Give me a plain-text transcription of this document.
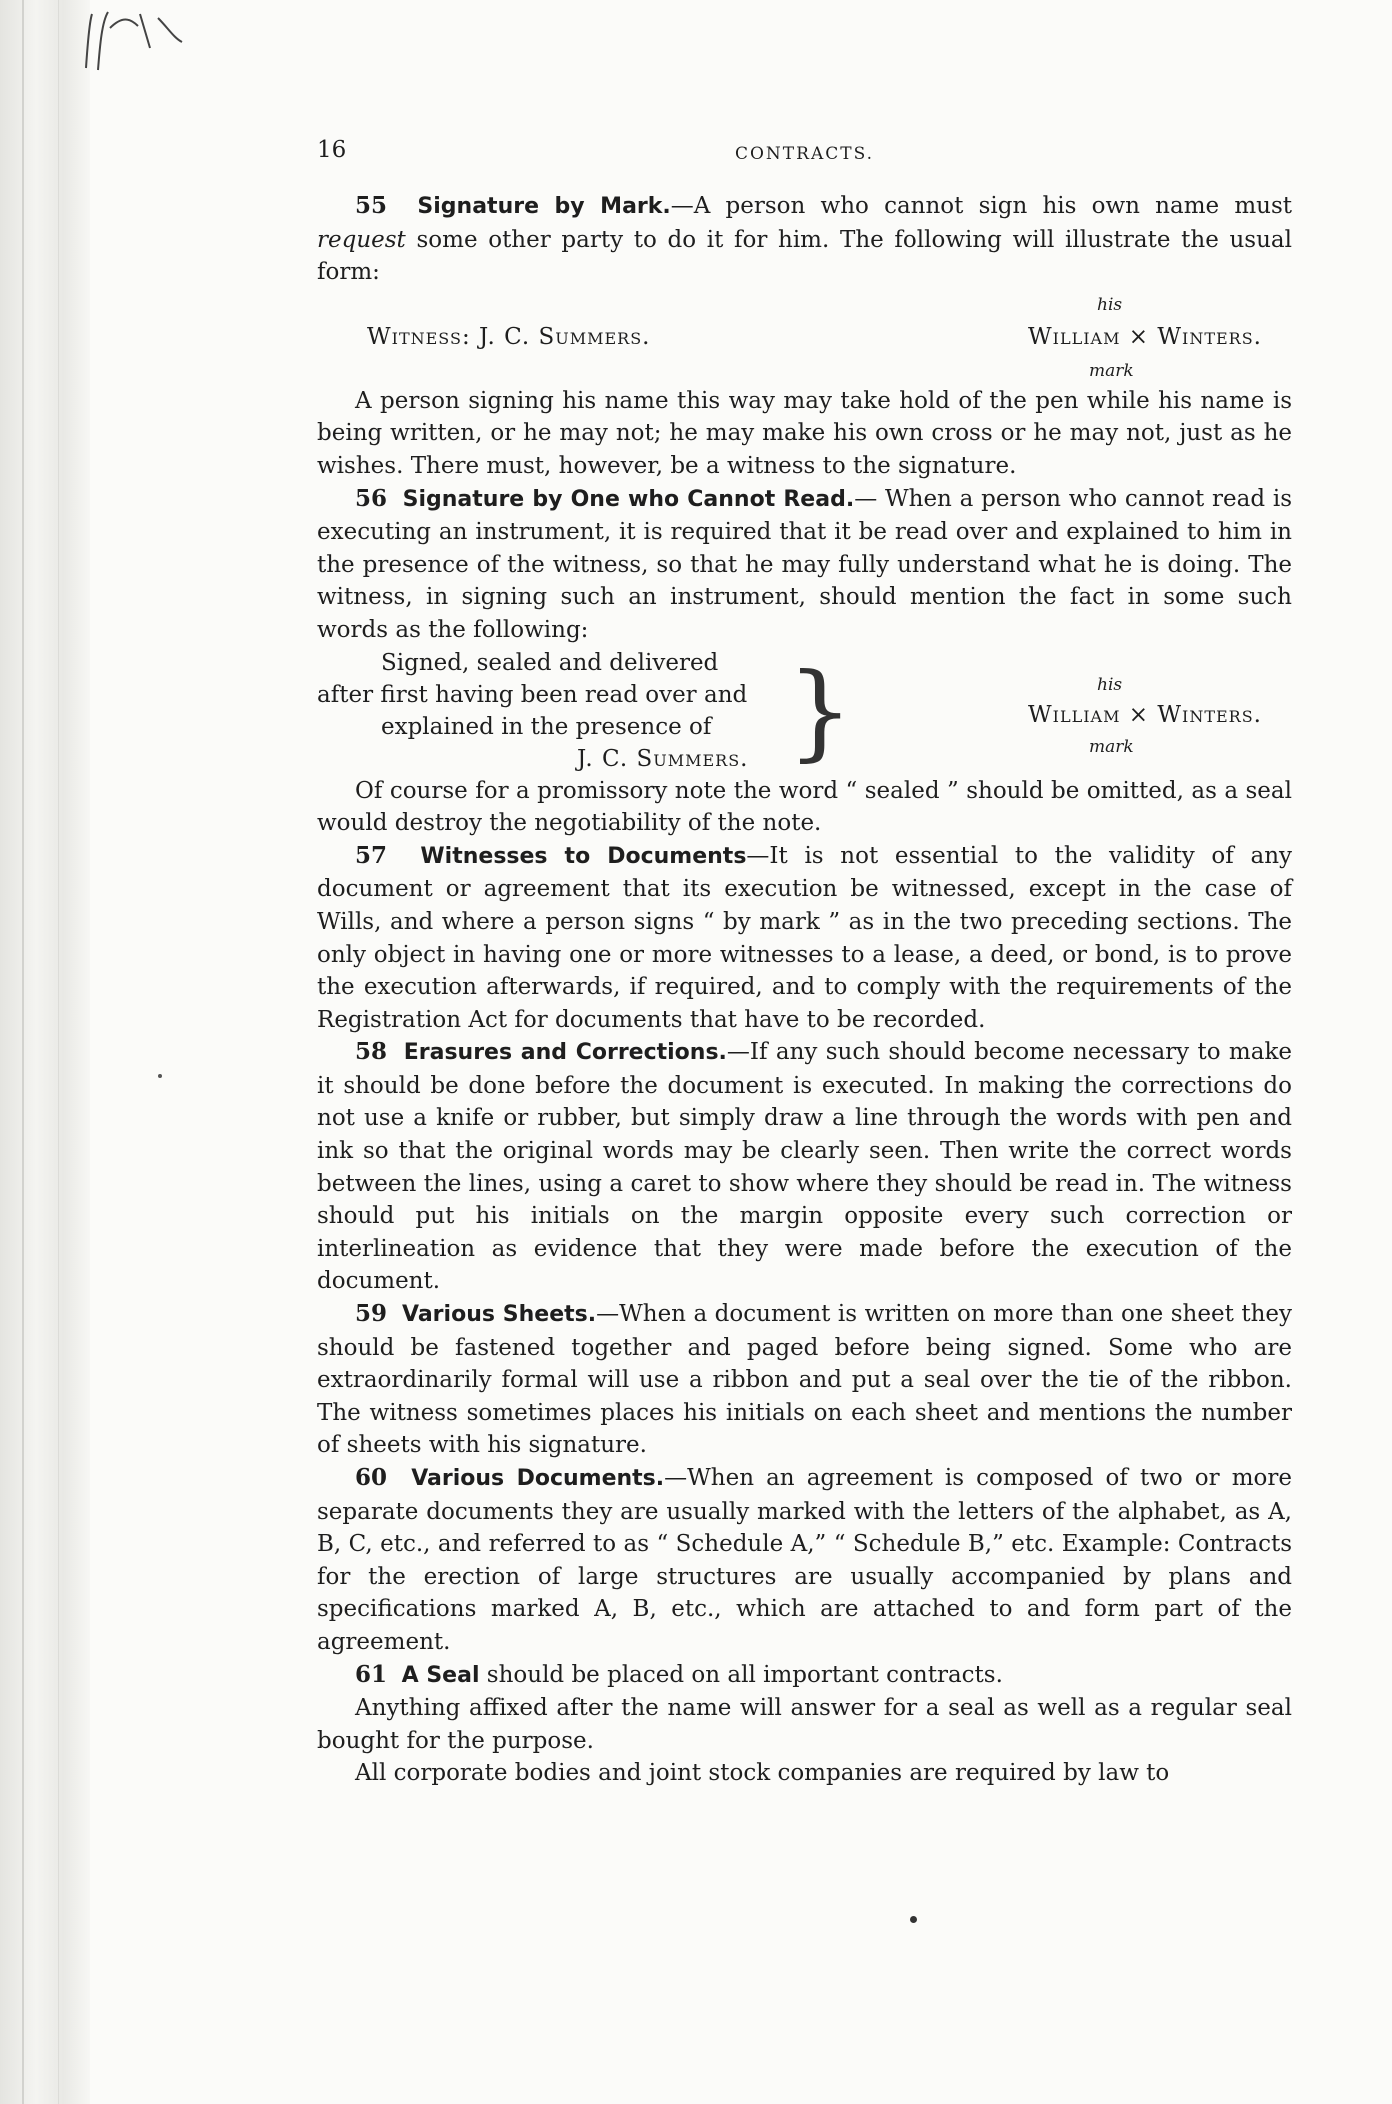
16	CONTRACTS.

55 Signature by Mark.—A person who cannot sign his own name must request some other party to do it for him. The following will illustrate the usual form:

Witness: J. C. Summers.
his
William × Winters.
mark

A person signing his name this way may take hold of the pen while his name is being written, or he may not; he may make his own cross or he may not, just as he wishes. There must, however, be a witness to the signature.

56 Signature by One who Cannot Read.— When a person who cannot read is executing an instrument, it is required that it be read over and explained to him in the presence of the witness, so that he may fully understand what he is doing. The witness, in signing such an instrument, should mention the fact in some such words as the following:

Signed, sealed and delivered
after first having been read over and
explained in the presence of
J. C. Summers. }	his
William × Winters.
mark

Of course for a promissory note the word “ sealed ” should be omitted, as a seal would destroy the negotiability of the note.

57 Witnesses to Documents—It is not essential to the validity of any document or agreement that its execution be witnessed, except in the case of Wills, and where a person signs “ by mark ” as in the two preceding sections. The only object in having one or more witnesses to a lease, a deed, or bond, is to prove the execution afterwards, if required, and to comply with the requirements of the Registration Act for documents that have to be recorded.

58 Erasures and Corrections.—If any such should become necessary to make it should be done before the document is executed. In making the corrections do not use a knife or rubber, but simply draw a line through the words with pen and ink so that the original words may be clearly seen. Then write the correct words between the lines, using a caret to show where they should be read in. The witness should put his initials on the margin opposite every such correction or interlineation as evidence that they were made before the execution of the document.

59 Various Sheets.—When a document is written on more than one sheet they should be fastened together and paged before being signed. Some who are extraordinarily formal will use a ribbon and put a seal over the tie of the ribbon. The witness sometimes places his initials on each sheet and mentions the number of sheets with his signature.

60 Various Documents.—When an agreement is composed of two or more separate documents they are usually marked with the letters of the alphabet, as A, B, C, etc., and referred to as “ Schedule A,” “ Schedule B,” etc. Example: Contracts for the erection of large structures are usually accompanied by plans and specifications marked A, B, etc., which are attached to and form part of the agreement.

61 A Seal should be placed on all important contracts.

Anything affixed after the name will answer for a seal as well as a regular seal bought for the purpose.

All corporate bodies and joint stock companies are required by law to
